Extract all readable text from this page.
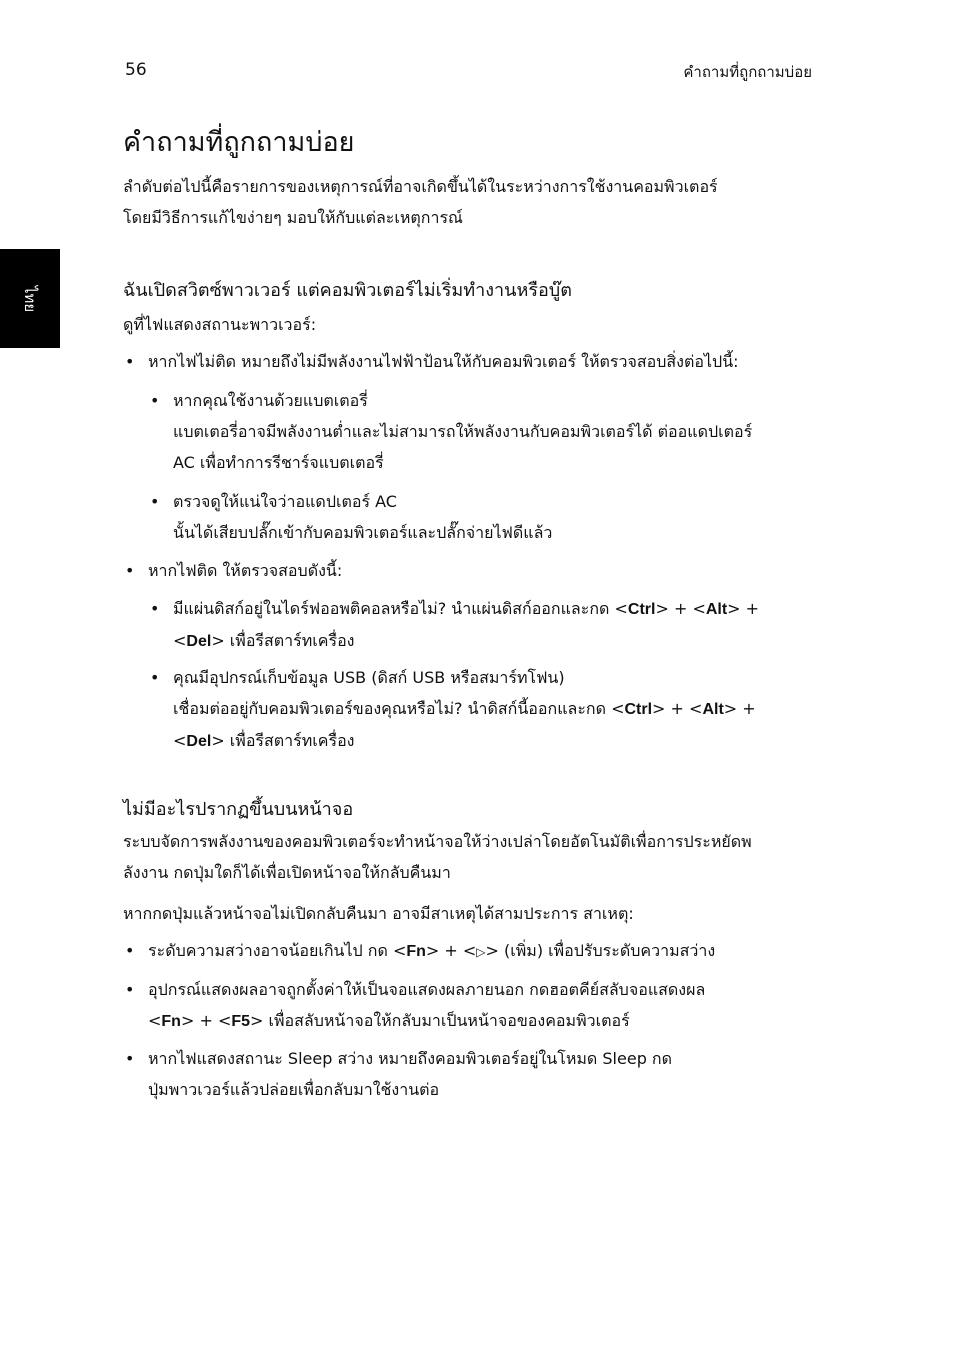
56	คำถามที่ถูกถามบ่อย
ไทย
คำถามที่ถูกถามบ่อย
ลำดับต่อไปนี้คือรายการของเหตุการณ์ที่อาจเกิดขึ้นได้ในระหว่างการใช้งานคอมพิวเตอร์
โดยมีวิธีการแก้ไขง่ายๆ มอบให้กับแต่ละเหตุการณ์
ฉันเปิดสวิตซ์พาวเวอร์ แต่คอมพิวเตอร์ไม่เริ่มทำงานหรือบู๊ต
ดูที่ไฟแสดงสถานะพาวเวอร์:
• หากไฟไม่ติด หมายถึงไม่มีพลังงานไฟฟ้าป้อนให้กับคอมพิวเตอร์ ให้ตรวจสอบสิ่งต่อไปนี้:
• หากคุณใช้งานด้วยแบตเตอรี่
แบตเตอรี่อาจมีพลังงานต่ำและไม่สามารถให้พลังงานกับคอมพิวเตอร์ได้ ต่ออแดปเตอร์
AC เพื่อทำการรีชาร์จแบตเตอรี่
• ตรวจดูให้แน่ใจว่าอแดปเตอร์ AC
นั้นได้เสียบปลั๊กเข้ากับคอมพิวเตอร์และปลั๊กจ่ายไฟดีแล้ว
• หากไฟติด ให้ตรวจสอบดังนี้:
• มีแผ่นดิสก์อยู่ในไดร์ฟออพติคอลหรือไม่? นำแผ่นดิสก์ออกและกด <Ctrl> + <Alt> +
<Del> เพื่อรีสตาร์ทเครื่อง
• คุณมีอุปกรณ์เก็บข้อมูล USB (ดิสก์ USB หรือสมาร์ทโฟน)
เชื่อมต่ออยู่กับคอมพิวเตอร์ของคุณหรือไม่? นำดิสก์นี้ออกและกด <Ctrl> + <Alt> +
<Del> เพื่อรีสตาร์ทเครื่อง
ไม่มีอะไรปรากฏขึ้นบนหน้าจอ
ระบบจัดการพลังงานของคอมพิวเตอร์จะทำหน้าจอให้ว่างเปล่าโดยอัตโนมัติเพื่อการประหยัดพ
ลังงาน กดปุ่มใดก็ได้เพื่อเปิดหน้าจอให้กลับคืนมา
หากกดปุ่มแล้วหน้าจอไม่เปิดกลับคืนมา อาจมีสาเหตุได้สามประการ สาเหตุ:
• ระดับความสว่างอาจน้อยเกินไป กด <Fn> + <▷> (เพิ่ม) เพื่อปรับระดับความสว่าง
• อุปกรณ์แสดงผลอาจถูกตั้งค่าให้เป็นจอแสดงผลภายนอก กดฮอตคีย์สลับจอแสดงผล
<Fn> + <F5> เพื่อสลับหน้าจอให้กลับมาเป็นหน้าจอของคอมพิวเตอร์
• หากไฟแสดงสถานะ Sleep สว่าง หมายถึงคอมพิวเตอร์อยู่ในโหมด Sleep กด
ปุ่มพาวเวอร์แล้วปล่อยเพื่อกลับมาใช้งานต่อ
